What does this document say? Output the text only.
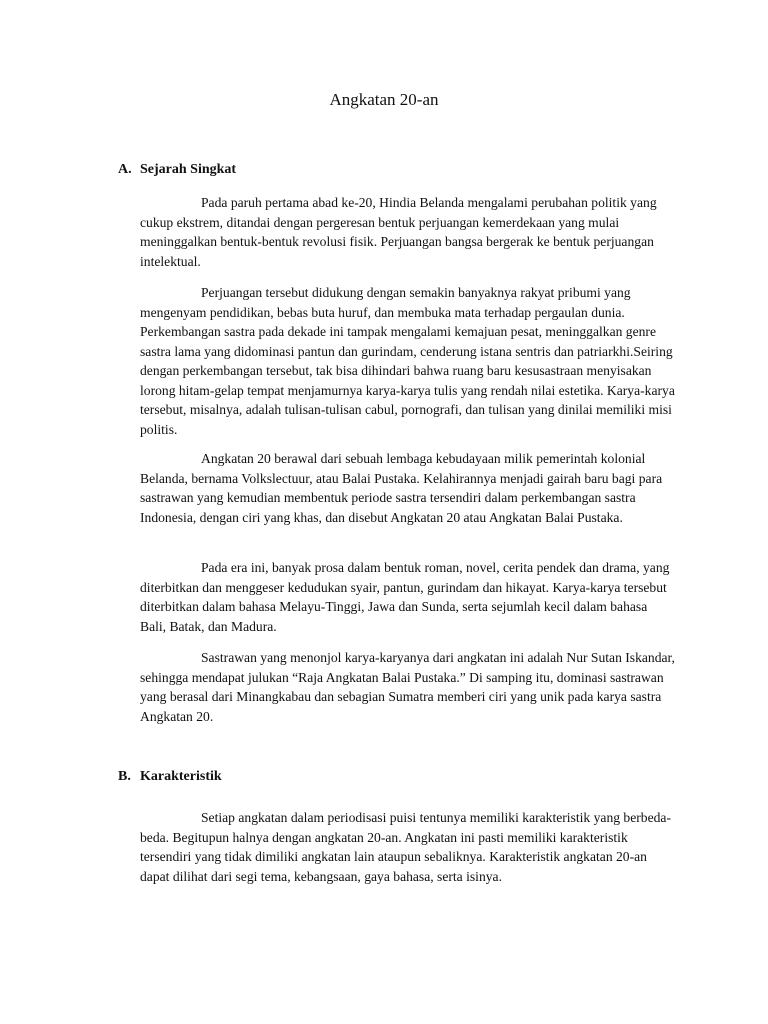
Angkatan 20-an
A. Sejarah Singkat

Pada paruh pertama abad ke-20, Hindia Belanda mengalami perubahan politik yang cukup ekstrem, ditandai dengan pergeresan bentuk perjuangan kemerdekaan yang mulai meninggalkan bentuk-bentuk revolusi fisik. Perjuangan bangsa bergerak ke bentuk perjuangan intelektual.

Perjuangan tersebut didukung dengan semakin banyaknya rakyat pribumi yang mengenyam pendidikan, bebas buta huruf, dan membuka mata terhadap pergaulan dunia. Perkembangan sastra pada dekade ini tampak mengalami kemajuan pesat, meninggalkan genre sastra lama yang didominasi pantun dan gurindam, cenderung istana sentris dan patriarkhi.Seiring dengan perkembangan tersebut, tak bisa dihindari bahwa ruang baru kesusastraan menyisakan lorong hitam-gelap tempat menjamurnya karya-karya tulis yang rendah nilai estetika. Karya-karya tersebut, misalnya, adalah tulisan-tulisan cabul, pornografi, dan tulisan yang dinilai memiliki misi politis.

Angkatan 20 berawal dari sebuah lembaga kebudayaan milik pemerintah kolonial Belanda, bernama Volkslectuur, atau Balai Pustaka. Kelahirannya menjadi gairah baru bagi para sastrawan yang kemudian membentuk periode sastra tersendiri dalam perkembangan sastra Indonesia, dengan ciri yang khas, dan disebut Angkatan 20 atau Angkatan Balai Pustaka.

Pada era ini, banyak prosa dalam bentuk roman, novel, cerita pendek dan drama, yang diterbitkan dan menggeser kedudukan syair, pantun, gurindam dan hikayat. Karya-karya tersebut diterbitkan dalam bahasa Melayu-Tinggi, Jawa dan Sunda, serta sejumlah kecil dalam bahasa Bali, Batak, dan Madura.

Sastrawan yang menonjol karya-karyanya dari angkatan ini adalah Nur Sutan Iskandar, sehingga mendapat julukan “Raja Angkatan Balai Pustaka.” Di samping itu, dominasi sastrawan yang berasal dari Minangkabau dan sebagian Sumatra memberi ciri yang unik pada karya sastra Angkatan 20.

B. Karakteristik

Setiap angkatan dalam periodisasi puisi tentunya memiliki karakteristik yang berbeda-beda. Begitupun halnya dengan angkatan 20-an. Angkatan ini pasti memiliki karakteristik tersendiri yang tidak dimiliki angkatan lain ataupun sebaliknya. Karakteristik angkatan 20-an dapat dilihat dari segi tema, kebangsaan, gaya bahasa, serta isinya.
